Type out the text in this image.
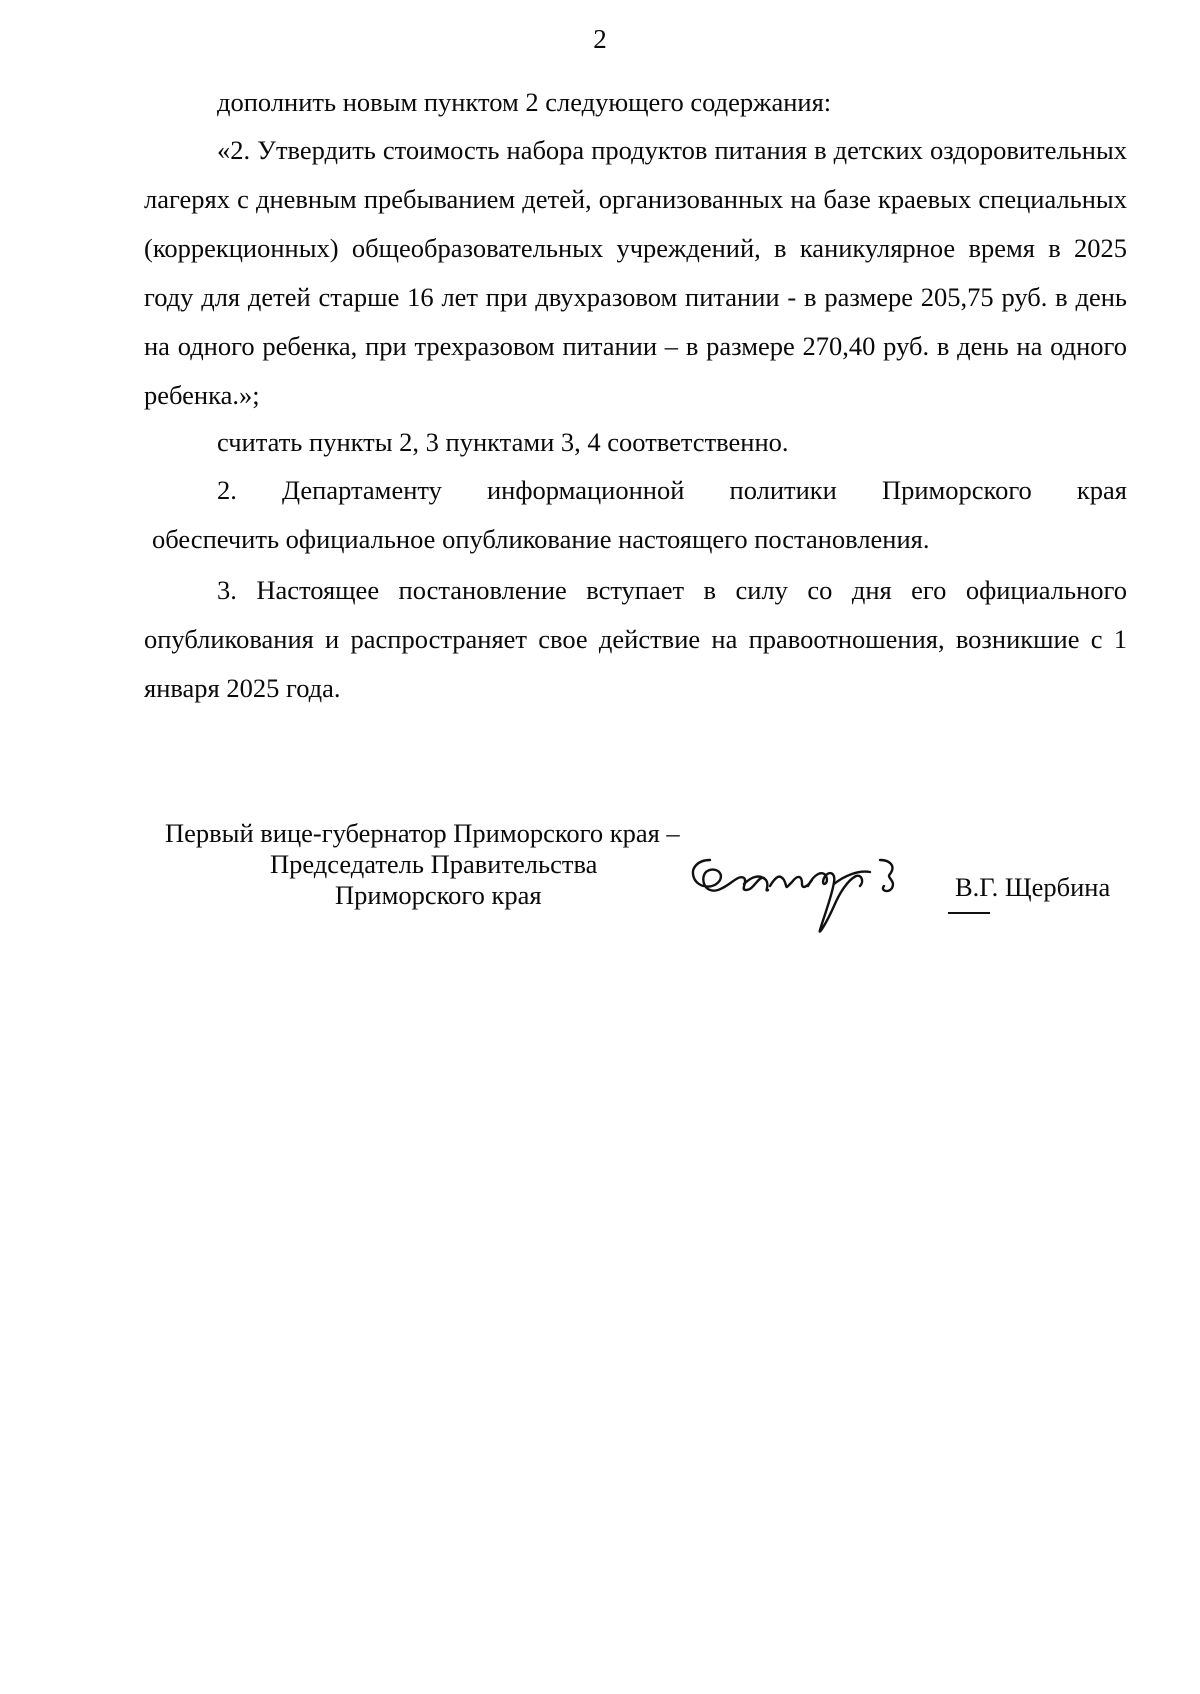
2

дополнить новым пунктом 2 следующего содержания:

«2. Утвердить стоимость набора продуктов питания в детских оздоровительных лагерях с дневным пребыванием детей, организованных на базе краевых специальных (коррекционных) общеобразовательных учреждений, в каникулярное время в 2025 году для детей старше 16 лет при двухразовом питании - в размере 205,75 руб. в день на одного ребенка, при трехразовом питании – в размере 270,40 руб. в день на одного ребенка.»;

считать пункты 2, 3 пунктами 3, 4 соответственно.

2. Департаменту информационной политики Приморского края
обеспечить официальное опубликование настоящего постановления.

3. Настоящее постановление вступает в силу со дня его официального опубликования и распространяет свое действие на правоотношения, возникшие с 1 января 2025 года.

Первый вице-губернатор Приморского края –
Председатель Правительства
Приморского края	В.Г. Щербина
